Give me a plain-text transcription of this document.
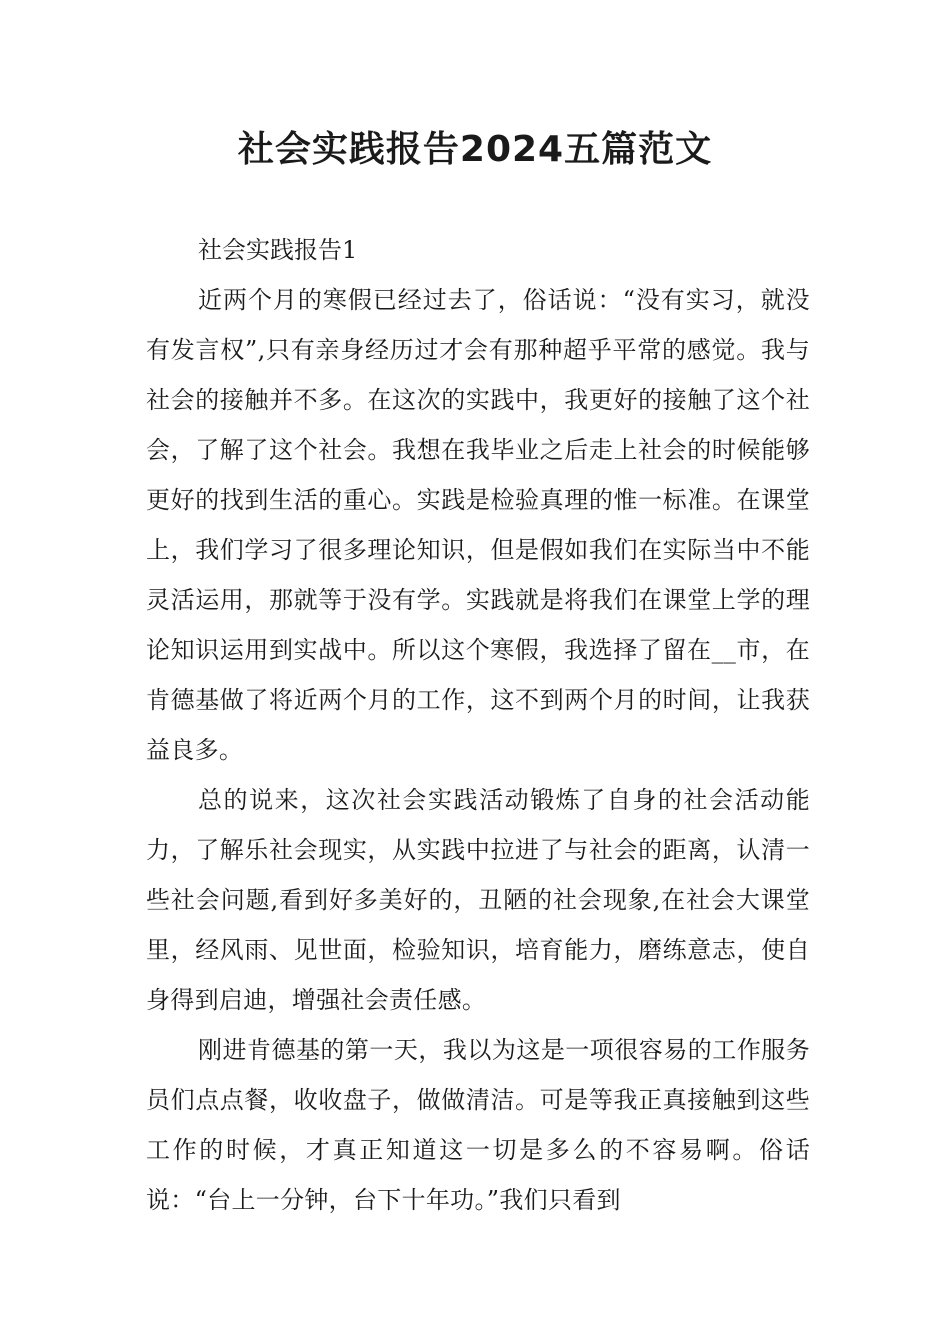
社会实践报告2024五篇范文

社会实践报告1

近两个月的寒假已经过去了，俗话说：“没有实习，就没有发言权”,只有亲身经历过才会有那种超乎平常的感觉。我与社会的接触并不多。在这次的实践中，我更好的接触了这个社会，了解了这个社会。我想在我毕业之后走上社会的时候能够更好的找到生活的重心。实践是检验真理的惟一标准。在课堂上，我们学习了很多理论知识，但是假如我们在实际当中不能灵活运用，那就等于没有学。实践就是将我们在课堂上学的理论知识运用到实战中。所以这个寒假，我选择了留在__市，在肯德基做了将近两个月的工作，这不到两个月的时间，让我获益良多。

总的说来，这次社会实践活动锻炼了自身的社会活动能力，了解乐社会现实，从实践中拉进了与社会的距离，认清一些社会问题,看到好多美好的，丑陋的社会现象,在社会大课堂里，经风雨、见世面，检验知识，培育能力，磨练意志，使自身得到启迪，增强社会责任感。

刚进肯德基的第一天，我以为这是一项很容易的工作服务员们点点餐，收收盘子，做做清洁。可是等我正真接触到这些工作的时候，才真正知道这一切是多么的不容易啊。俗话说：“台上一分钟，台下十年功。”我们只看到
